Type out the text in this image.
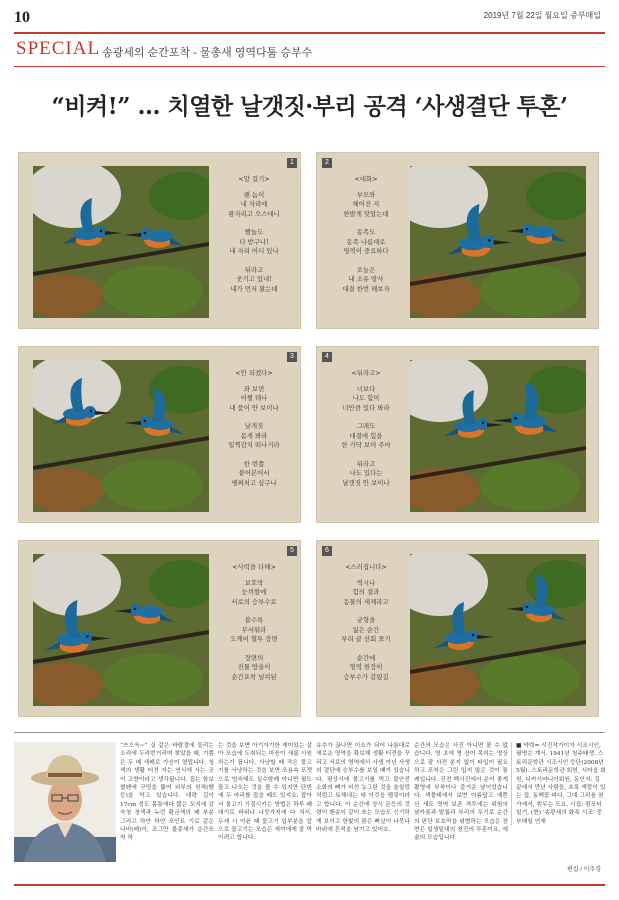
10	2019년 7월 22일 월요일 중부매일
SPECIAL 송광세의 순간포착 - 물총새 영역다툼 승부수
“비켜!” … 치열한 날갯짓·부리 공격 ‘사생결단 투혼’
1
<말 걸기>
웬 놈이
내 자리에
왕자리고 으스대니
빨놀도
다 받구나!
내 자리 어디 있나
뒤라고
웃기고 있네!
내가 먼저 왔는데
2
<대화>
부모와
헤어진 지
한발게 맞았는데
동족도
동족 나름대로
영역이 중요하다
오늘은
내 소유 땅사
대결 한번 해보자
3
<안 되겠다>
좌 보면
어쩔 테나
내 품이 안 보이나
날개짓
몸게 봐라
일찍감치 떠나거라
한 번쯤
붙어본어서
쌩쩌처고 싶구나
4
<뒤라고>
너보다
나도 힘이
너만큼 있다 봐라
그래도
대결에 힘을
한 가닥 보여 주마
뒤라고
나도 있다는
날갯짓 안 보이나
5
<사력을 다해>
보호막
눈끼쌀에
서로의 승부수로
불수록
무서워라
도깨비 혈투 장면
장면의
진물 방울이
순간포착 넘쳐된
6
<스러집니다>
역시나
힘의 결과
동물의 세계라고
균형을
잃은 순간
부리 끝 선회 쪼기
순간에
영역 현장이
승부수가 갈렸길

“쓰으윽~” 실 같은 바람결에 들리는 소리에 두리번거리며 찾았을 때, 기쁨은 두 배 새배로 가슴이 열립니다. 청색의 생활 터전 자는 연식에 사는 곳이 고향이라고 생각됩니다. 집는 함보 쩔펜에 구멍을 뚫어 외부의 천적(뱀 등)을 막고 있습니다. 대략 길이 17cm 정도 몸통에다 짧은 꼬지에 감숙청 청색과 누런 황금색의 배 부분 그리고 하얀 하얀 포인트 기로 같은 나비(배)이, 조그만 물총새가 순간포착 하

는 것을 보면 아기자기한 재미있는 살아 모습에 도취되는 마음이 새롭 시원하는가 봅니다. 사냥할 때 작은 물고기를 사냥하는 것을 보면 조용속 포켓으로 엄숙해도 실수함께 아니면 필도 물고 나오는 것을 볼 수 있지만 단번에 두 마리를 잡을 때도 있지요. 잡아서 물고기 기절시키는 방법은 하루 쾌대기로 바위나 나뭇가지에 다 쳐서, 두세 시 이윤 때 물고기 입부분을 앞으로 물고기는 모습은 새끼에게 잘 먹이려고 합니다.

유추가 끊나면 이소가 되어 나름대로 새로운 영역을 확보해 생활 터전을 꾸리고 서로의 영역에서 사생 아닌 사생의 결단에 승부수를 보일 때가 있습니다. 평상시에 물고기를 먹고 불안전 소화의 뼈가 비친 농그란 것을 울칠렁처럼고 토해내는 데 이것을 펠릿이라고 합니다. 이 순간에 장시 몬등의 것령이 밴송이 같이 쏘는 모습도 신기하게 보이고 한빛의 붉은 뼈살이 나뭇나 바위에 흔적을 남기고 있어요.

순간의 모습은 사진 아니면 볼 수 없습니다. 영 초에 영 장이 목히는 영상으로 잘 사전 분지 없이 타입이 필요하고 포착은 그린 입지 않은 것이 통례입니다. 진전 백사진에서 운이 좋게 촬영에 부착이나 즐거운 날이었습니다. 색물테에서 보면 아름답고 예쁜 산 새도 영역 보존 격투에는 위험의 날카롯과 발톱과 부리의 무기로 순간의 판단 보호막을 위협하는 모습은 장면은 일생일대의 천진의 투혼이요, 예술의 모습입니다.

■ 약력= 시진작가이자 시조시인, 필명은 계서. 1941년 청주태생. 스토리문학관 시조시인 등단(2008년 5월). 스토리문학관 회원, 시마을 회원, 디카시마니아회원, 동인지: 길 끝에서 만난 사람들, 초록 색깔이 있는 집, 동백꽃 피다, 그대 그리움 참가에서, 흰무는 도요, 시집: 펌포터 일기, (현) '송광세의 화폭 시조' 중부매일 연재
편집 / 이주경
